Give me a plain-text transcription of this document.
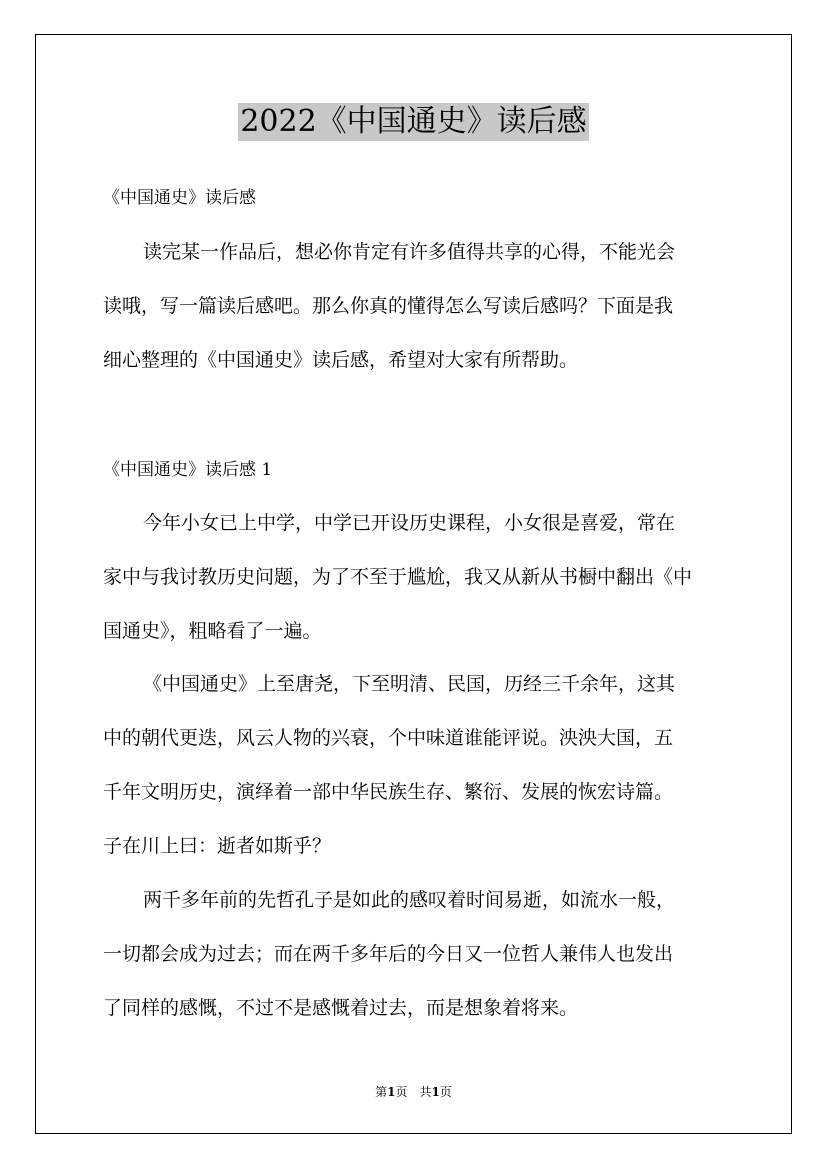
2022《中国通史》读后感
《中国通史》读后感
读完某一作品后，想必你肯定有许多值得共享的心得，不能光会
读哦，写一篇读后感吧。那么你真的懂得怎么写读后感吗？下面是我
细心整理的《中国通史》读后感，希望对大家有所帮助。
《中国通史》读后感 1
今年小女已上中学，中学已开设历史课程，小女很是喜爱，常在
家中与我讨教历史问题，为了不至于尴尬，我又从新从书橱中翻出《中
国通史》，粗略看了一遍。
《中国通史》上至唐尧，下至明清、民国，历经三千余年，这其
中的朝代更迭，风云人物的兴衰，个中味道谁能评说。泱泱大国，五
千年文明历史，演绎着一部中华民族生存、繁衍、发展的恢宏诗篇。
子在川上曰：逝者如斯乎？
两千多年前的先哲孔子是如此的感叹着时间易逝，如流水一般，
一切都会成为过去；而在两千多年后的今日又一位哲人兼伟人也发出
了同样的感慨，不过不是感慨着过去，而是想象着将来。
第1页　共1页
